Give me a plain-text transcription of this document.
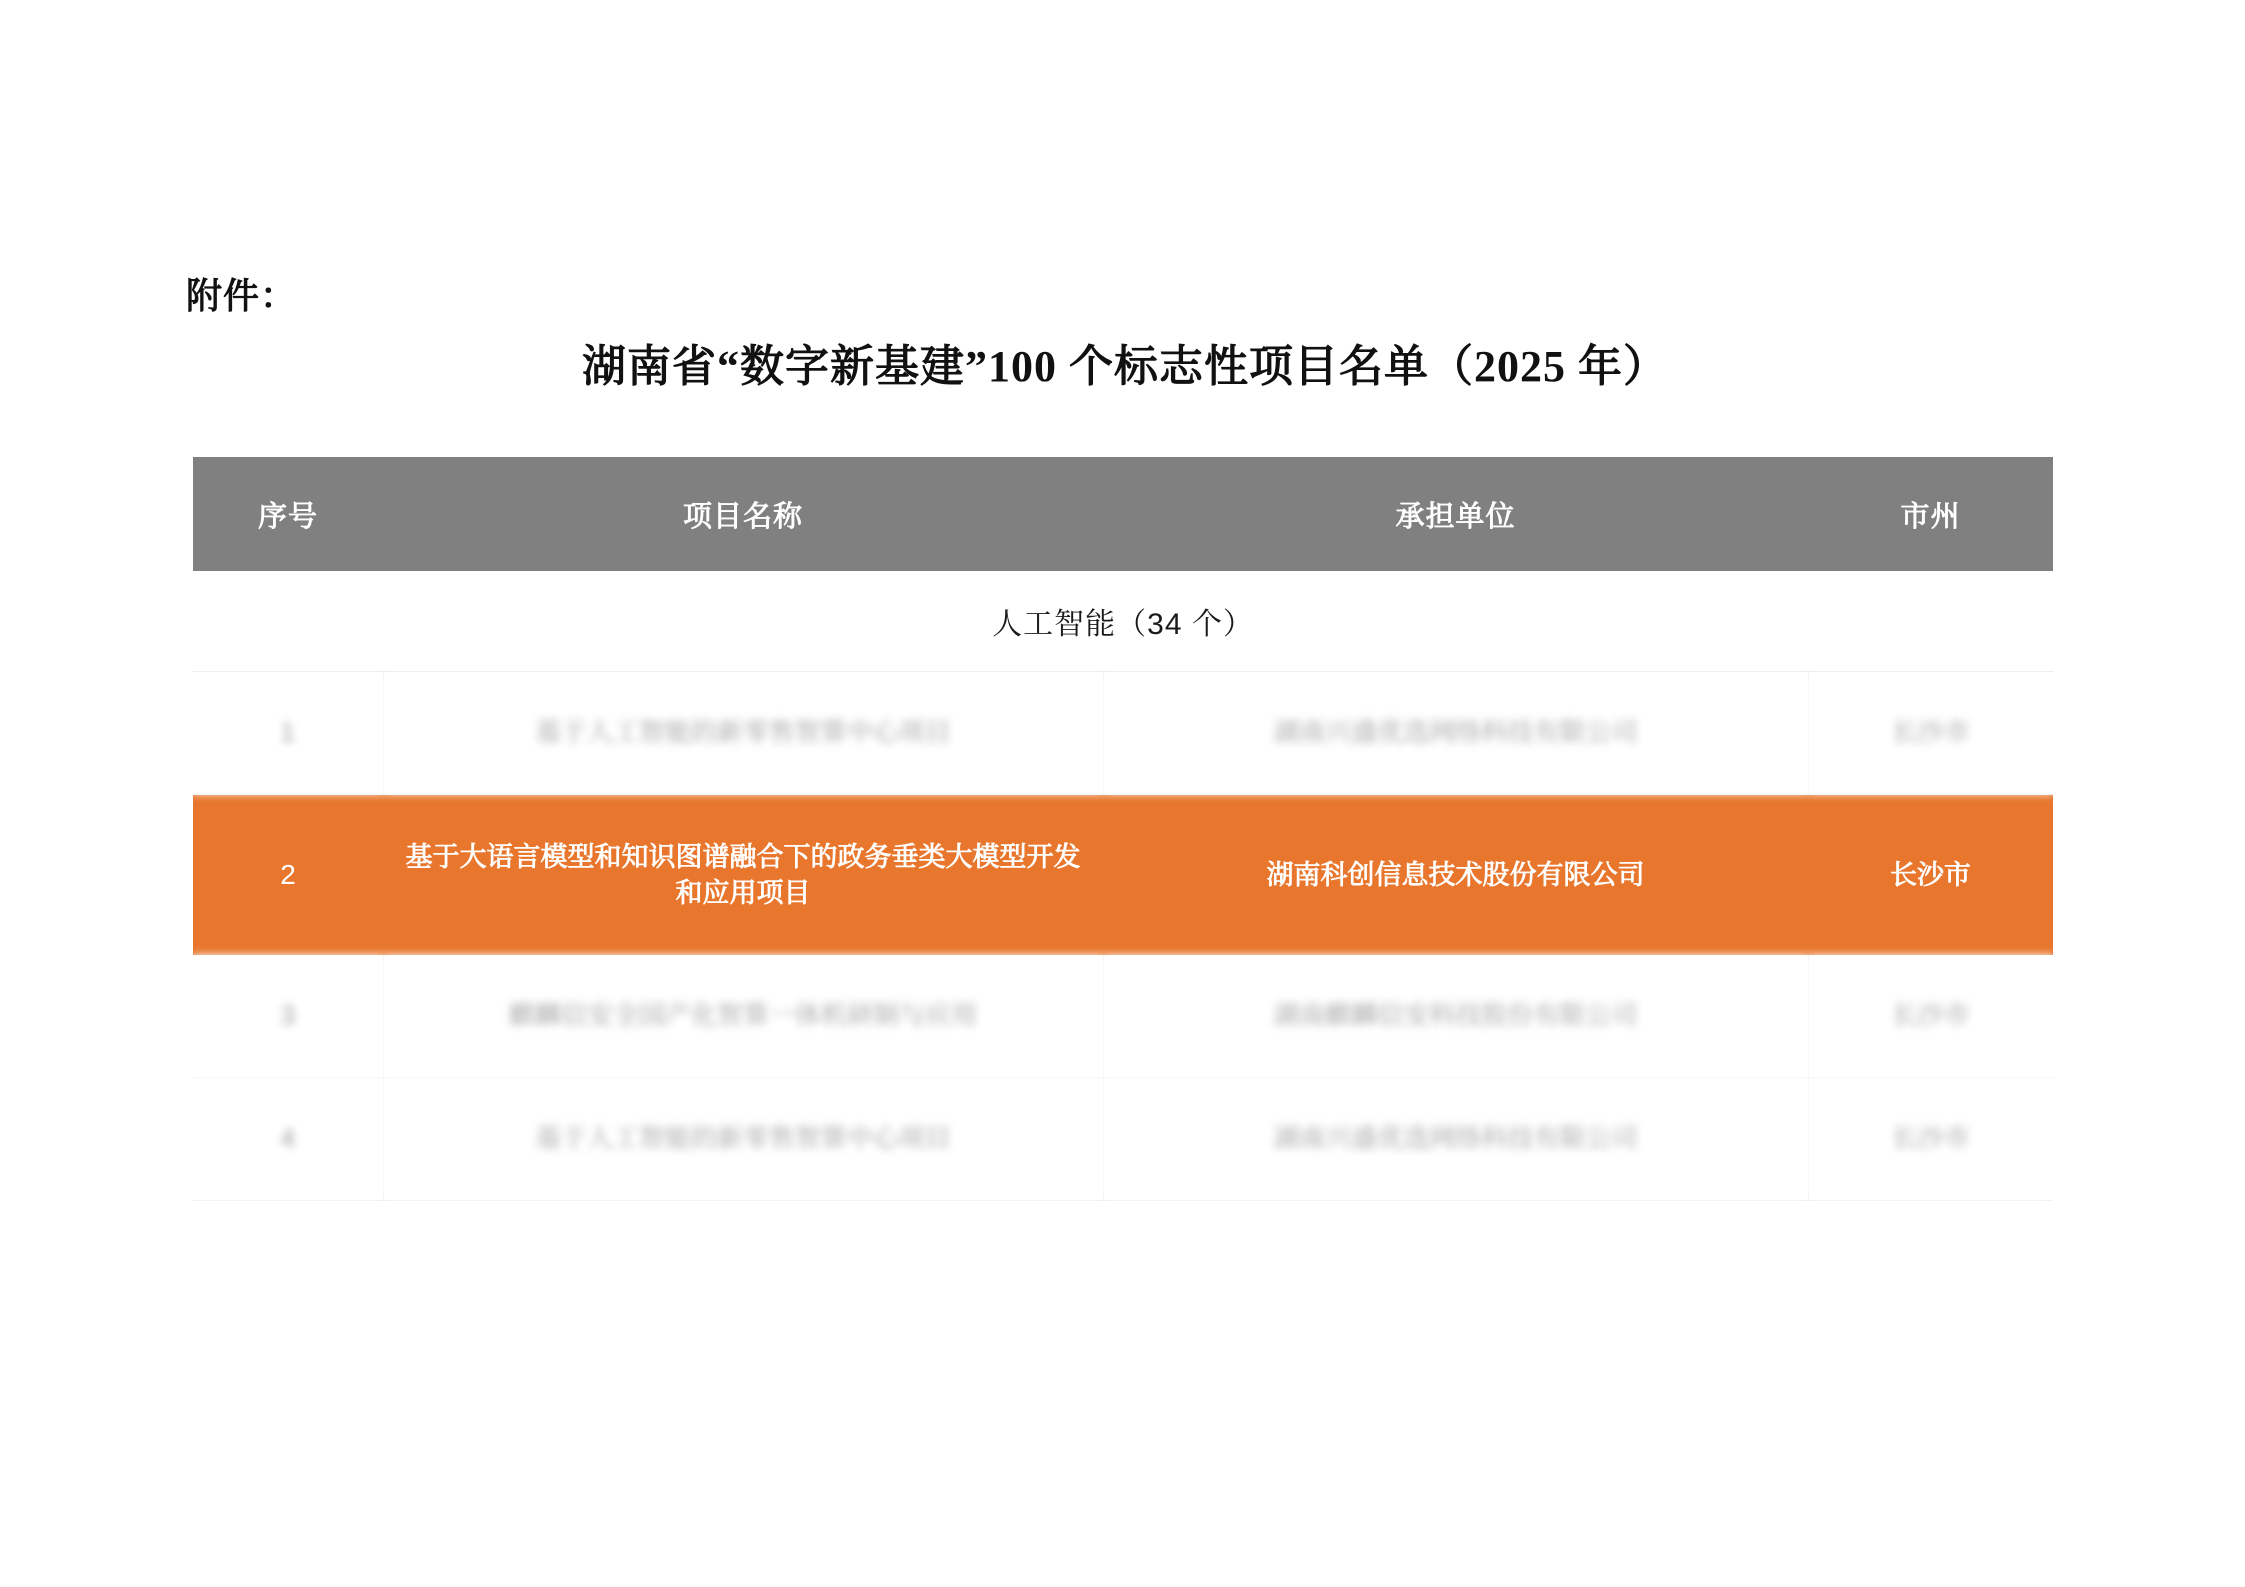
附件：
湖南省“数字新基建”100 个标志性项目名单（2025 年）
序号	项目名称	承担单位	市州
人工智能（34 个）			
1	基于人工智能的新零售智算中心项目	湖南兴盛优选网络科技有限公司	长沙市
2	基于大语言模型和知识图谱融合下的政务垂类大模型开发和应用项目	湖南科创信息技术股份有限公司	长沙市
3	麒麟信安全国产化智算一体机研制与应用	湖南麒麟信安科技股份有限公司	长沙市
4	基于人工智能的新零售智算中心项目	湖南兴盛优选网络科技有限公司	长沙市
